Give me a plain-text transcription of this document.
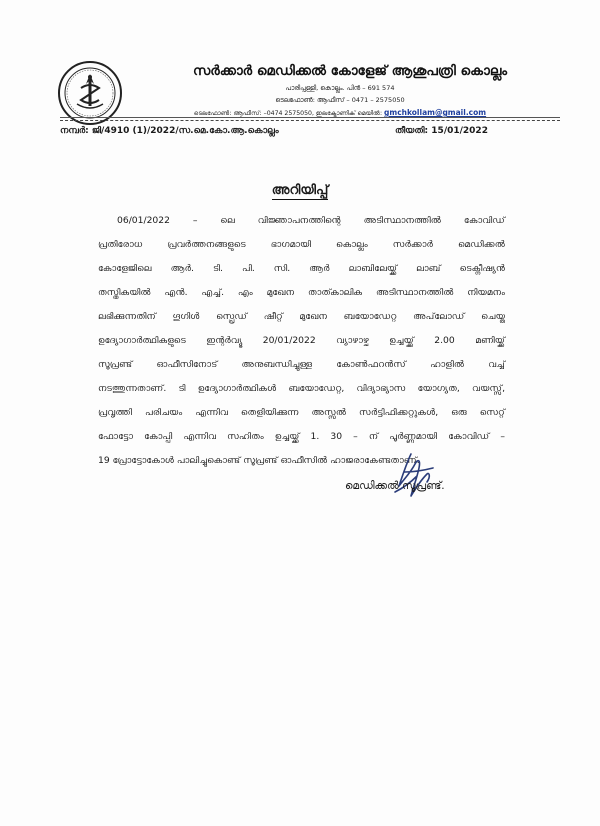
സർക്കാർ മെഡിക്കൽ കോളേജ് ആശുപത്രി കൊല്ലം
പാരിപ്പള്ളി, കൊല്ലം. പിൻ – 691 574
ടെലഫോൺ: ആഫീസ് – 0471 – 2575050
ടെലഫോൺ: ആഫീസ്: –0474 2575050, ഇലക്ട്രോണിക് മെയിൽ: gmchkollam@gmail.com
നമ്പർ: ജി/4910 (1)/2022/സ.മെ.കോ.ആ.കൊല്ലം	തീയതി: 15/01/2022
അറിയിപ്പ്
06/01/2022 – ലെ വിജ്ഞാപനത്തിന്റെ അടിസ്ഥാനത്തിൽ കോവിഡ്
പ്രതിരോധ പ്രവർത്തനങ്ങളുടെ ഭാഗമായി കൊല്ലം സർക്കാർ മെഡിക്കൽ
കോളേജിലെ ആർ. ടി. പി. സി. ആർ ലാബിലേയ്ക്ക് ലാബ് ടെക്നീഷ്യൻ
തസ്തികയിൽ എൻ. എച്ച്. എം മുഖേന താത്കാലിക അടിസ്ഥാനത്തിൽ നിയമനം
ലഭിക്കുന്നതിന് ഗൂഗിൾ സ്പ്രെഡ് ഷീറ്റ് മുഖേന ബയോഡേറ്റ അപ്‌ലോഡ് ചെയ്ത
ഉദ്യോഗാർത്ഥികളുടെ ഇന്റർവ്യൂ 20/01/2022 വ്യാഴാഴ്ച ഉച്ചയ്ക്ക് 2.00 മണിയ്ക്ക്
സൂപ്രണ്ട് ഓഫീസിനോട് അനുബന്ധിച്ചുള്ള കോൺഫറൻസ് ഹാളിൽ വച്ച്
നടത്തുന്നതാണ്. ടി ഉദ്യോഗാർത്ഥികൾ ബയോഡേറ്റ, വിദ്യാഭ്യാസ യോഗ്യത, വയസ്സ്,
പ്രവൃത്തി പരിചയം എന്നിവ തെളിയിക്കുന്ന അസ്സൽ സർട്ടിഫിക്കറ്റുകൾ, ഒരു സെറ്റ്
ഫോട്ടോ കോപ്പി എന്നിവ സഹിതം ഉച്ചയ്ക്ക് 1. 30 – ന് പൂർണ്ണമായി കോവിഡ് –
19 പ്രോട്ടോകോൾ പാലിച്ചുകൊണ്ട് സൂപ്രണ്ട് ഓഫീസിൽ ഹാജരാകേണ്ടതാണ്.
മെഡിക്കൽ സൂപ്രണ്ട്.
